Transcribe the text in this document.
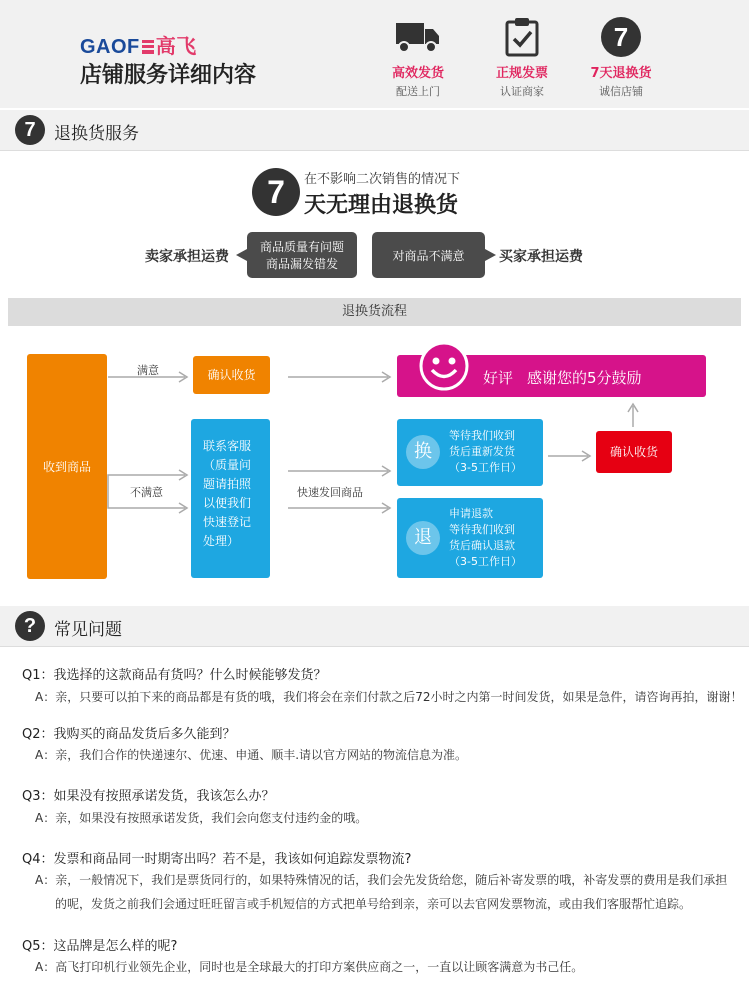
GAOF 高飞
店铺服务详细内容	高效发货
配送上门
正规发票
认证商家
7
7天退换货
诚信店铺
7	退换货服务
7	在不影响二次销售的情况下
天无理由退换货
卖家承担运费
商品质量有问题
商品漏发错发
对商品不满意	买家承担运费
退换货流程
收到商品
满意	确认收货	好评 感谢您的5分鼓励
不满意
联系客服
（质量问
题请拍照
以便我们
快速登记
处理）
快速发回商品
换
等待我们收到
货后重新发货
（3-5工作日）
退
申请退款
等待我们收到
货后确认退款
（3-5工作日）
确认收货
?	常见问题
Q1：我选择的这款商品有货吗？什么时候能够发货？
A：亲，只要可以拍下来的商品都是有货的哦，我们将会在亲们付款之后72小时之内第一时间发货，如果是急件，请咨询再拍，谢谢！
Q2：我购买的商品发货后多久能到？
A：亲，我们合作的快递速尔、优速、申通、顺丰.请以官方网站的物流信息为准。
Q3：如果没有按照承诺发货，我该怎么办？
A：亲，如果没有按照承诺发货，我们会向您支付违约金的哦。
Q4：发票和商品同一时期寄出吗？若不是，我该如何追踪发票物流?
A：亲，一般情况下，我们是票货同行的，如果特殊情况的话，我们会先发货给您，随后补寄发票的哦，补寄发票的费用是我们承担
的呢，发货之前我们会通过旺旺留言或手机短信的方式把单号给到亲，亲可以去官网发票物流，或由我们客服帮忙追踪。
Q5：这品牌是怎么样的呢?
A：高飞打印机行业领先企业，同时也是全球最大的打印方案供应商之一，一直以让顾客满意为书己任。
